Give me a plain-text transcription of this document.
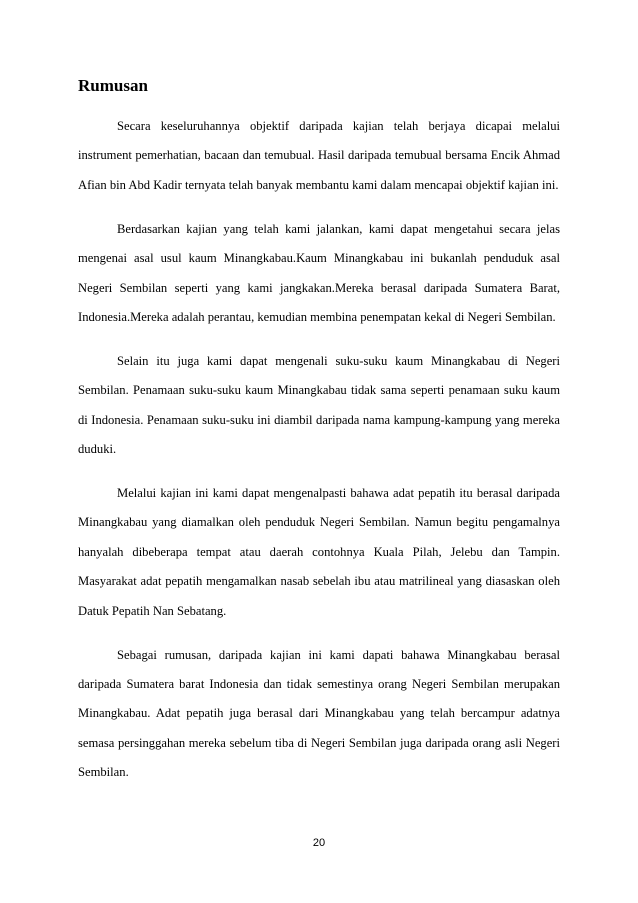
Rumusan

Secara keseluruhannya objektif daripada kajian telah berjaya dicapai melalui instrument pemerhatian, bacaan dan temubual. Hasil daripada temubual bersama Encik Ahmad Afian bin Abd Kadir ternyata telah banyak membantu kami dalam mencapai objektif kajian ini.

Berdasarkan kajian yang telah kami jalankan, kami dapat mengetahui secara jelas mengenai asal usul kaum Minangkabau.Kaum Minangkabau ini bukanlah penduduk asal Negeri Sembilan seperti yang kami jangkakan.Mereka berasal daripada Sumatera Barat, Indonesia.Mereka adalah perantau, kemudian membina penempatan kekal di Negeri Sembilan.

Selain itu juga kami dapat mengenali suku-suku kaum Minangkabau di Negeri Sembilan. Penamaan suku-suku kaum Minangkabau tidak sama seperti penamaan suku kaum di Indonesia. Penamaan suku-suku ini diambil daripada nama kampung-kampung yang mereka duduki.

Melalui kajian ini kami dapat mengenalpasti bahawa adat pepatih itu berasal daripada Minangkabau yang diamalkan oleh penduduk Negeri Sembilan. Namun begitu pengamalnya hanyalah dibeberapa tempat atau daerah contohnya Kuala Pilah, Jelebu dan Tampin. Masyarakat adat pepatih mengamalkan nasab sebelah ibu atau matrilineal yang diasaskan oleh Datuk Pepatih Nan Sebatang.

Sebagai rumusan, daripada kajian ini kami dapati bahawa Minangkabau berasal daripada Sumatera barat Indonesia dan tidak semestinya orang Negeri Sembilan merupakan Minangkabau. Adat pepatih juga berasal dari Minangkabau yang telah bercampur adatnya semasa persinggahan mereka sebelum tiba di Negeri Sembilan juga daripada orang asli Negeri Sembilan.

20
